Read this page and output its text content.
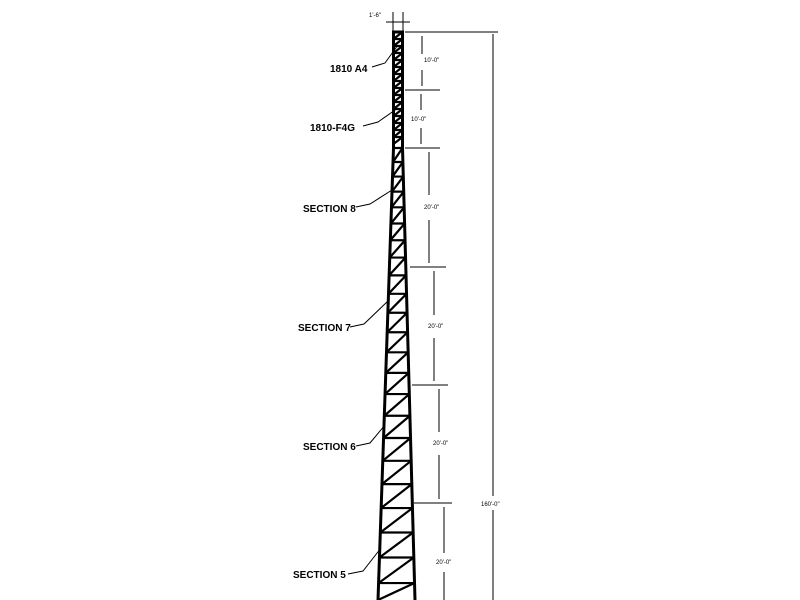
1'-6"
10'-0"
10'-0"
20'-0"
20'-0"
20'-0"
20'-0"
160'-0"
1810 A4
1810-F4G
SECTION 8
SECTION 7
SECTION 6
SECTION 5
